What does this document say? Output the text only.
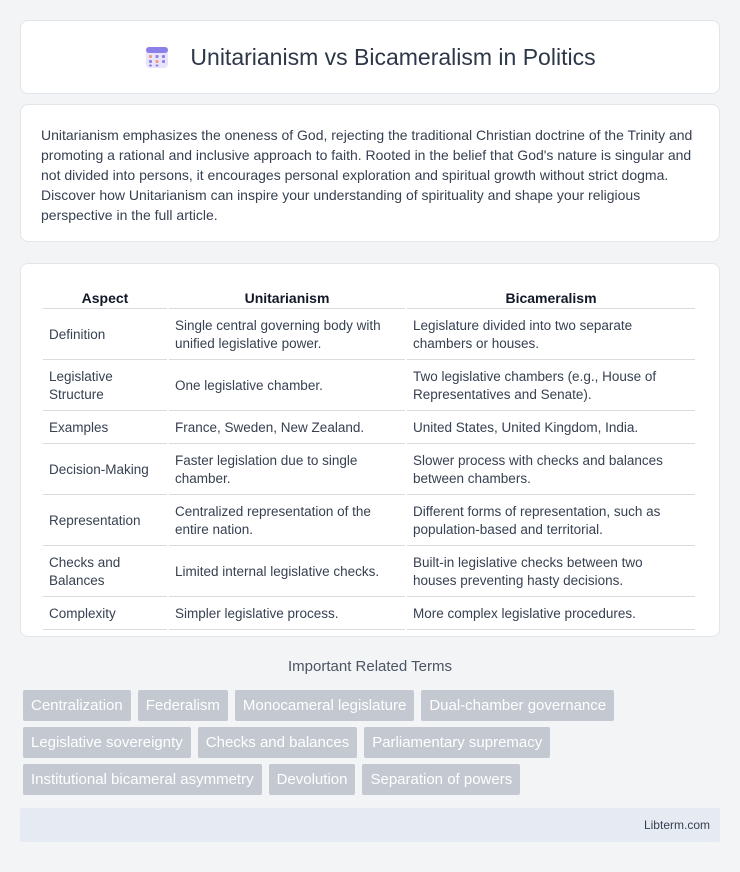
Unitarianism vs Bicameralism in Politics

Unitarianism emphasizes the oneness of God, rejecting the traditional Christian doctrine of the Trinity and promoting a rational and inclusive approach to faith. Rooted in the belief that God's nature is singular and not divided into persons, it encourages personal exploration and spiritual growth without strict dogma. Discover how Unitarianism can inspire your understanding of spirituality and shape your religious perspective in the full article.

Aspect	Unitarianism	Bicameralism
Definition	Single central governing body with unified legislative power.	Legislature divided into two separate chambers or houses.
Legislative Structure	One legislative chamber.	Two legislative chambers (e.g., House of Representatives and Senate).
Examples	France, Sweden, New Zealand.	United States, United Kingdom, India.
Decision-Making	Faster legislation due to single chamber.	Slower process with checks and balances between chambers.
Representation	Centralized representation of the entire nation.	Different forms of representation, such as population-based and territorial.
Checks and Balances	Limited internal legislative checks.	Built-in legislative checks between two houses preventing hasty decisions.
Complexity	Simpler legislative process.	More complex legislative procedures.
Important Related Terms
Centralization	Federalism	Monocameral legislature	Dual-chamber governance
Legislative sovereignty	Checks and balances	Parliamentary supremacy
Institutional bicameral asymmetry	Devolution	Separation of powers
Libterm.com
